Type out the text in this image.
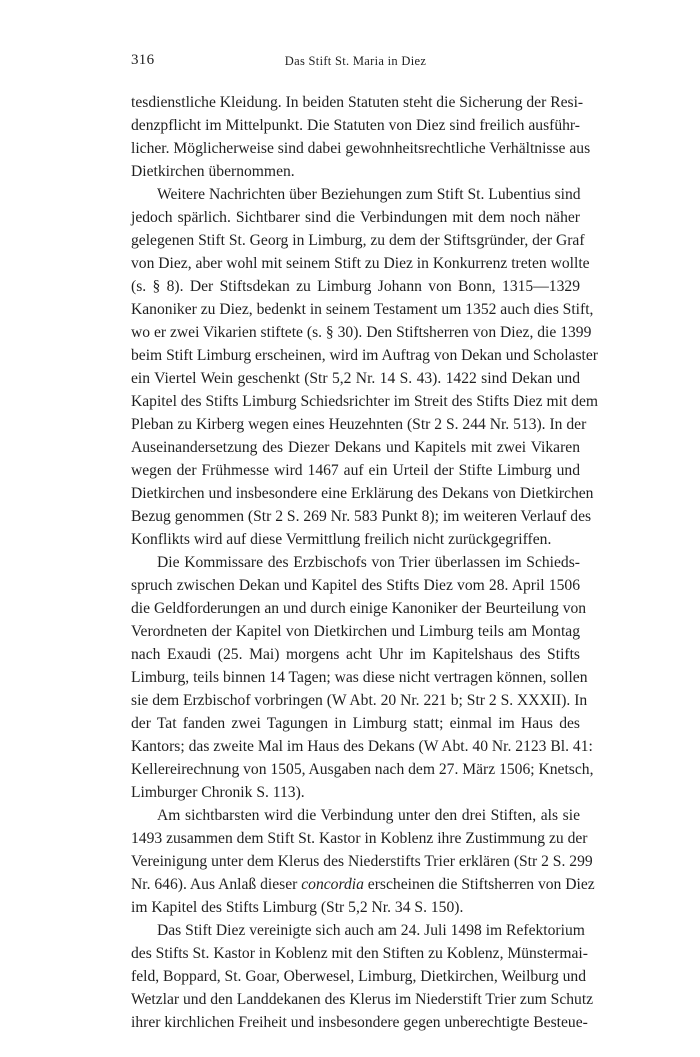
316	Das Stift St. Maria in Diez
tesdienstliche Kleidung. In beiden Statuten steht die Sicherung der Resi-
denzpflicht im Mittelpunkt. Die Statuten von Diez sind freilich ausführ-
licher. Möglicherweise sind dabei gewohnheitsrechtliche Verhältnisse aus
Dietkirchen übernommen.
Weitere Nachrichten über Beziehungen zum Stift St. Lubentius sind
jedoch spärlich. Sichtbarer sind die Verbindungen mit dem noch näher
gelegenen Stift St. Georg in Limburg, zu dem der Stiftsgründer, der Graf
von Diez, aber wohl mit seinem Stift zu Diez in Konkurrenz treten wollte
(s. § 8). Der Stiftsdekan zu Limburg Johann von Bonn, 1315—1329
Kanoniker zu Diez, bedenkt in seinem Testament um 1352 auch dies Stift,
wo er zwei Vikarien stiftete (s. § 30). Den Stiftsherren von Diez, die 1399
beim Stift Limburg erscheinen, wird im Auftrag von Dekan und Scholaster
ein Viertel Wein geschenkt (Str 5,2 Nr. 14 S. 43). 1422 sind Dekan und
Kapitel des Stifts Limburg Schiedsrichter im Streit des Stifts Diez mit dem
Pleban zu Kirberg wegen eines Heuzehnten (Str 2 S. 244 Nr. 513). In der
Auseinandersetzung des Diezer Dekans und Kapitels mit zwei Vikaren
wegen der Frühmesse wird 1467 auf ein Urteil der Stifte Limburg und
Dietkirchen und insbesondere eine Erklärung des Dekans von Dietkirchen
Bezug genommen (Str 2 S. 269 Nr. 583 Punkt 8); im weiteren Verlauf des
Konflikts wird auf diese Vermittlung freilich nicht zurückgegriffen.
Die Kommissare des Erzbischofs von Trier überlassen im Schieds-
spruch zwischen Dekan und Kapitel des Stifts Diez vom 28. April 1506
die Geldforderungen an und durch einige Kanoniker der Beurteilung von
Verordneten der Kapitel von Dietkirchen und Limburg teils am Montag
nach Exaudi (25. Mai) morgens acht Uhr im Kapitelshaus des Stifts
Limburg, teils binnen 14 Tagen; was diese nicht vertragen können, sollen
sie dem Erzbischof vorbringen (W Abt. 20 Nr. 221 b; Str 2 S. XXXII). In
der Tat fanden zwei Tagungen in Limburg statt; einmal im Haus des
Kantors; das zweite Mal im Haus des Dekans (W Abt. 40 Nr. 2123 Bl. 41:
Kellereirechnung von 1505, Ausgaben nach dem 27. März 1506; Knetsch,
Limburger Chronik S. 113).
Am sichtbarsten wird die Verbindung unter den drei Stiften, als sie
1493 zusammen dem Stift St. Kastor in Koblenz ihre Zustimmung zu der
Vereinigung unter dem Klerus des Niederstifts Trier erklären (Str 2 S. 299
Nr. 646). Aus Anlaß dieser concordia erscheinen die Stiftsherren von Diez
im Kapitel des Stifts Limburg (Str 5,2 Nr. 34 S. 150).
Das Stift Diez vereinigte sich auch am 24. Juli 1498 im Refektorium
des Stifts St. Kastor in Koblenz mit den Stiften zu Koblenz, Münstermai-
feld, Boppard, St. Goar, Oberwesel, Limburg, Dietkirchen, Weilburg und
Wetzlar und den Landdekanen des Klerus im Niederstift Trier zum Schutz
ihrer kirchlichen Freiheit und insbesondere gegen unberechtigte Besteue-
